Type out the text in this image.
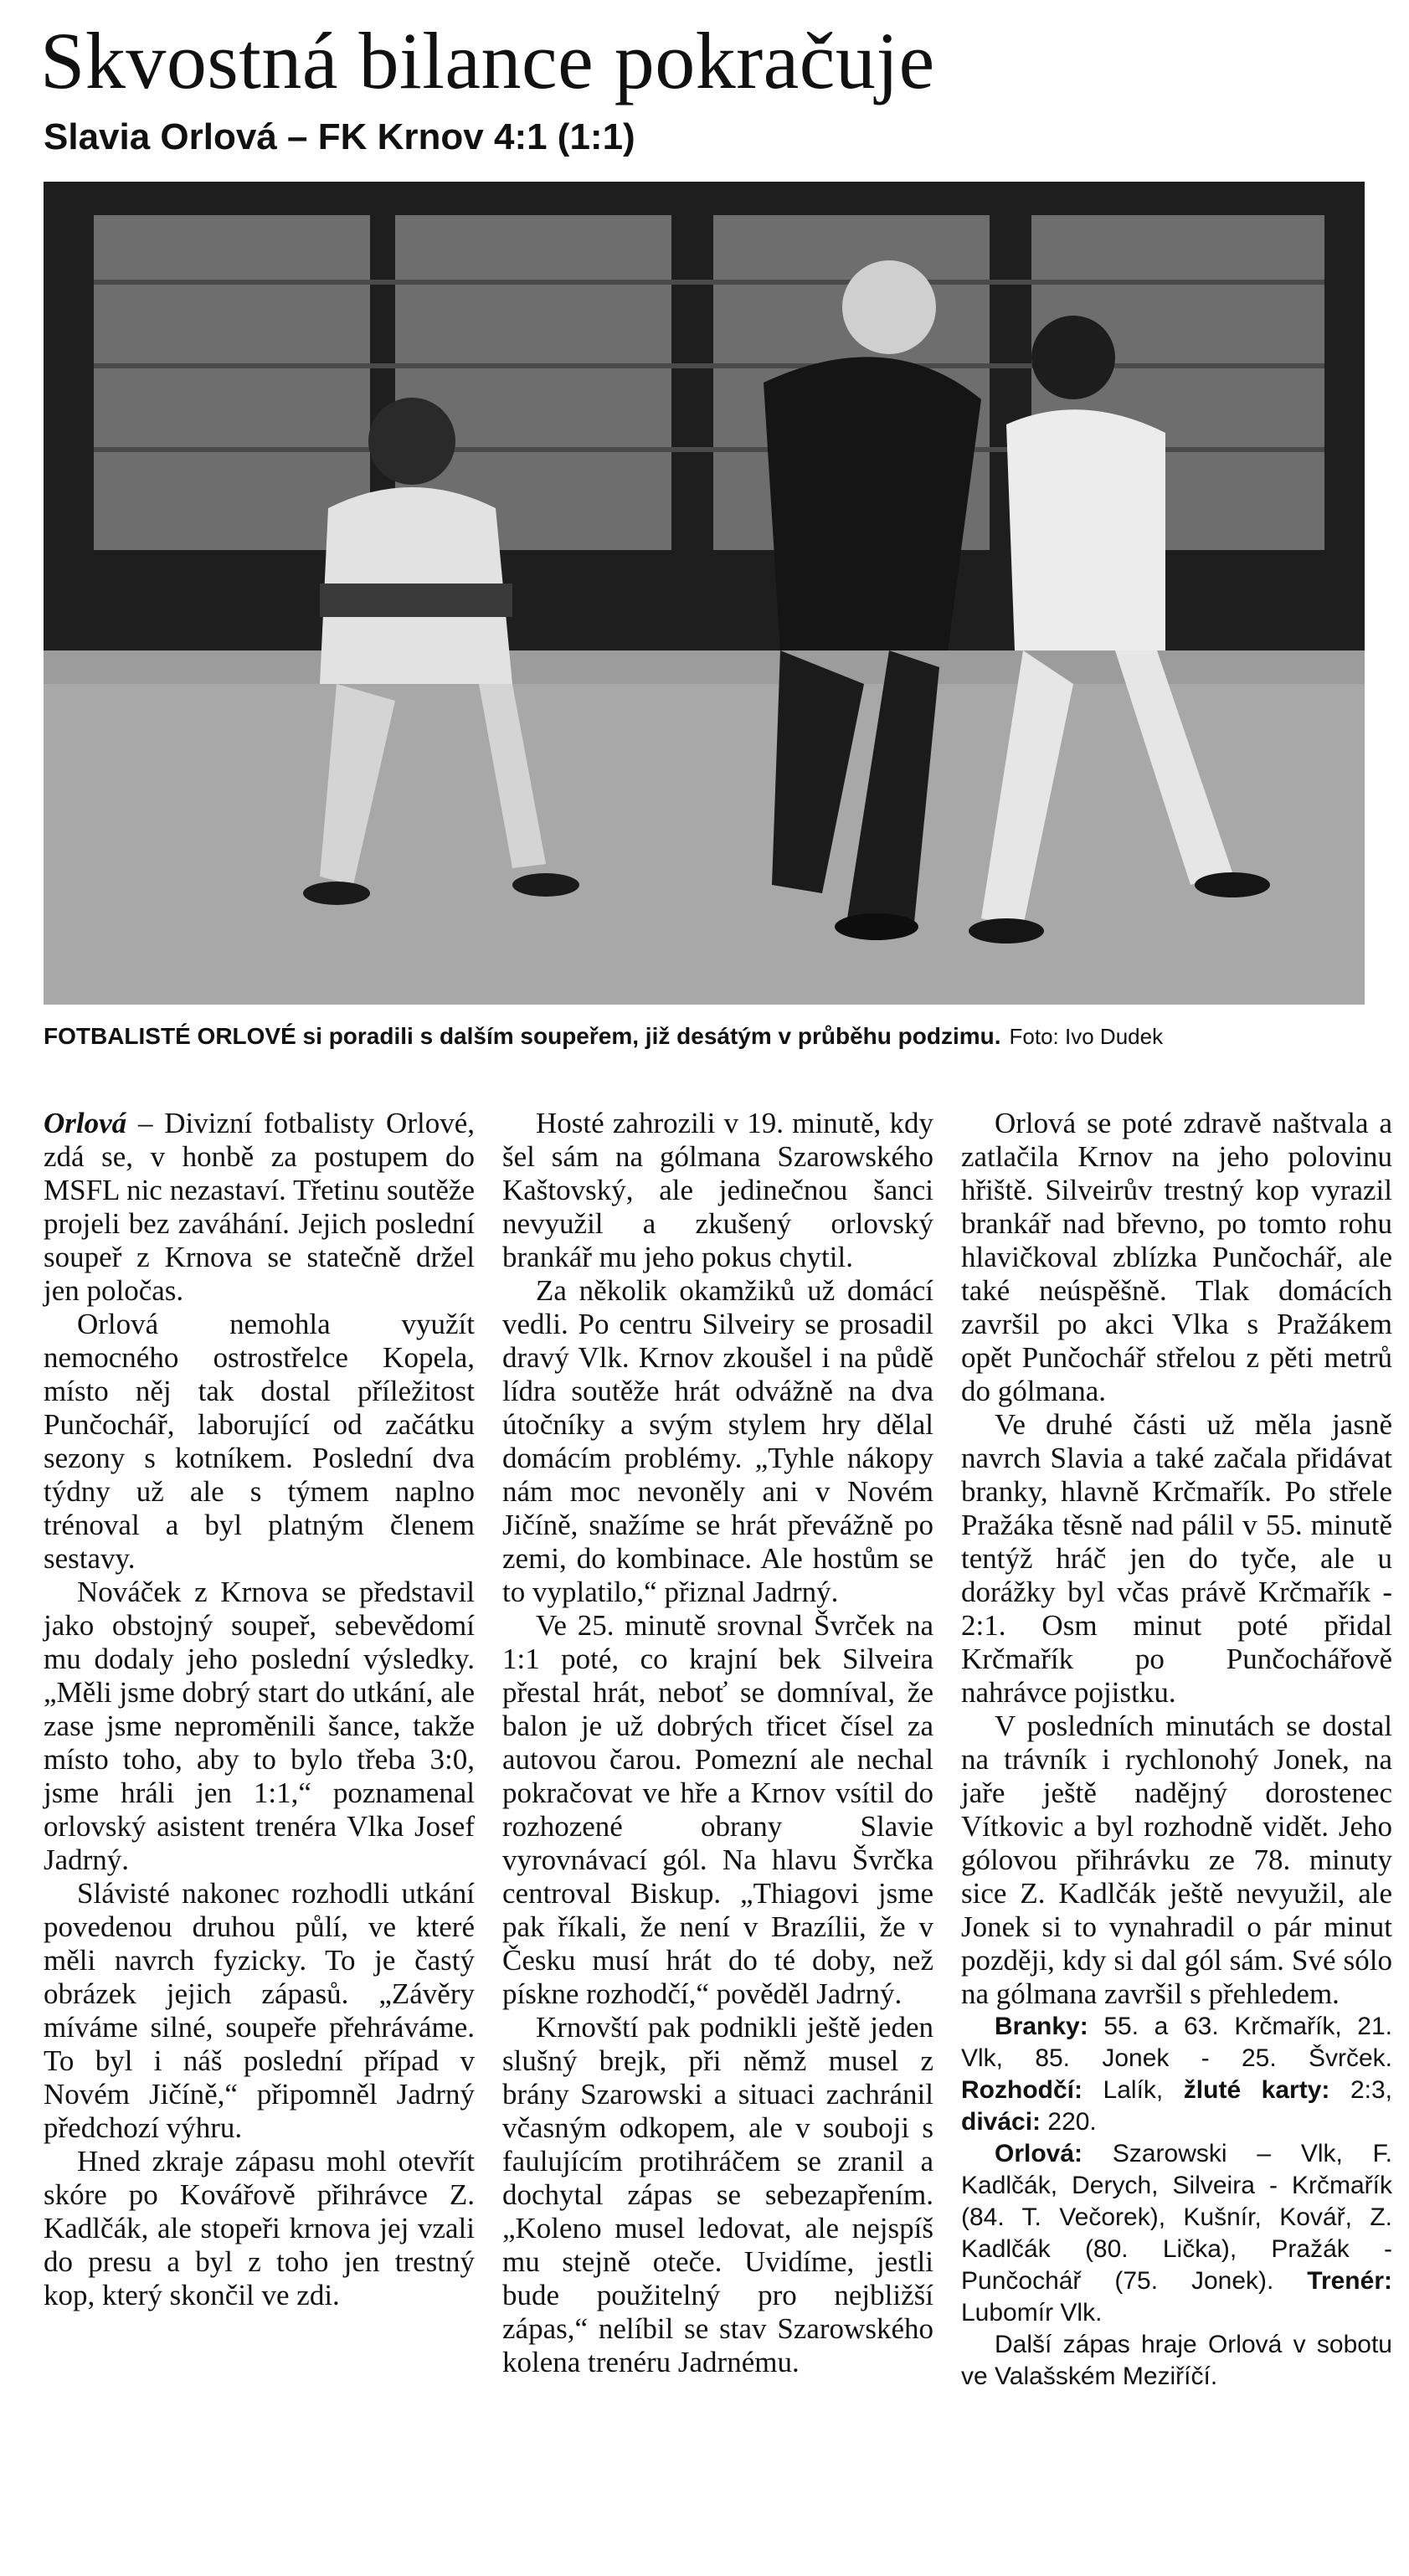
Skvostná bilance pokračuje
Slavia Orlová – FK Krnov 4:1 (1:1)
FOTBALISTÉ ORLOVÉ si poradili s dalším soupeřem, již desátým v průběhu podzimu. Foto: Ivo Dudek

Orlová – Divizní fotbalisty Orlové, zdá se, v honbě za postupem do MSFL nic nezastaví. Třetinu soutěže projeli bez zaváhání. Jejich poslední soupeř z Krnova se statečně držel jen poločas.

Orlová nemohla využít nemocného ostrostřelce Kopela, místo něj tak dostal příležitost Punčochář, laborující od začátku sezony s kotníkem. Poslední dva týdny už ale s týmem naplno trénoval a byl platným členem sestavy.

Nováček z Krnova se představil jako obstojný soupeř, sebevědomí mu dodaly jeho poslední výsledky. „Měli jsme dobrý start do utkání, ale zase jsme neproměnili šance, takže místo toho, aby to bylo třeba 3:0, jsme hráli jen 1:1,“ poznamenal orlovský asistent trenéra Vlka Josef Jadrný.

Slávisté nakonec rozhodli utkání povedenou druhou půlí, ve které měli navrch fyzicky. To je častý obrázek jejich zápasů. „Závěry míváme silné, soupeře přehráváme. To byl i náš poslední případ v Novém Jičíně,“ připomněl Jadrný předchozí výhru.

Hned zkraje zápasu mohl otevřít skóre po Kovářově přihrávce Z. Kadlčák, ale stopeři krnova jej vzali do presu a byl z toho jen trestný kop, který skončil ve zdi.

Hosté zahrozili v 19. minutě, kdy šel sám na gólmana Szarowského Kaštovský, ale jedinečnou šanci nevyužil a zkušený orlovský brankář mu jeho pokus chytil.

Za několik okamžiků už domácí vedli. Po centru Silveiry se prosadil dravý Vlk. Krnov zkoušel i na půdě lídra soutěže hrát odvážně na dva útočníky a svým stylem hry dělal domácím problémy. „Tyhle nákopy nám moc nevoněly ani v Novém Jičíně, snažíme se hrát převážně po zemi, do kombinace. Ale hostům se to vyplatilo,“ přiznal Jadrný.

Ve 25. minutě srovnal Švrček na 1:1 poté, co krajní bek Silveira přestal hrát, neboť se domníval, že balon je už dobrých třicet čísel za autovou čarou. Pomezní ale nechal pokračovat ve hře a Krnov vsítil do rozhozené obrany Slavie vyrovnávací gól. Na hlavu Švrčka centroval Biskup. „Thiagovi jsme pak říkali, že není v Brazílii, že v Česku musí hrát do té doby, než pískne rozhodčí,“ pověděl Jadrný.

Krnovští pak podnikli ještě jeden slušný brejk, při němž musel z brány Szarowski a situaci zachránil včasným odkopem, ale v souboji s faulujícím protihráčem se zranil a dochytal zápas se sebezapřením. „Koleno musel ledovat, ale nejspíš mu stejně oteče. Uvidíme, jestli bude použitelný pro nejbližší zápas,“ nelíbil se stav Szarowského kolena trenéru Jadrnému.

Orlová se poté zdravě naštvala a zatlačila Krnov na jeho polovinu hřiště. Silveirův trestný kop vyrazil brankář nad břevno, po tomto rohu hlavičkoval zblízka Punčochář, ale také neúspěšně. Tlak domácích završil po akci Vlka s Pražákem opět Punčochář střelou z pěti metrů do gólmana.

Ve druhé části už měla jasně navrch Slavia a také začala přidávat branky, hlavně Krčmařík. Po střele Pražáka těsně nad pálil v 55. minutě tentýž hráč jen do tyče, ale u dorážky byl včas právě Krčmařík - 2:1. Osm minut poté přidal Krčmařík po Punčochářově nahrávce pojistku.

V posledních minutách se dostal na trávník i rychlonohý Jonek, na jaře ještě nadějný dorostenec Vítkovic a byl rozhodně vidět. Jeho gólovou přihrávku ze 78. minuty sice Z. Kadlčák ještě nevyužil, ale Jonek si to vynahradil o pár minut později, kdy si dal gól sám. Své sólo na gólmana završil s přehledem.

Branky: 55. a 63. Krčmařík, 21. Vlk, 85. Jonek - 25. Švrček. Rozhodčí: Lalík, žluté karty: 2:3, diváci: 220.

Orlová: Szarowski – Vlk, F. Kadlčák, Derych, Silveira - Krčmařík (84. T. Večorek), Kušnír, Kovář, Z. Kadlčák (80. Lička), Pražák - Punčochář (75. Jonek). Trenér: Lubomír Vlk.

Další zápas hraje Orlová v sobotu ve Valašském Meziříčí.
